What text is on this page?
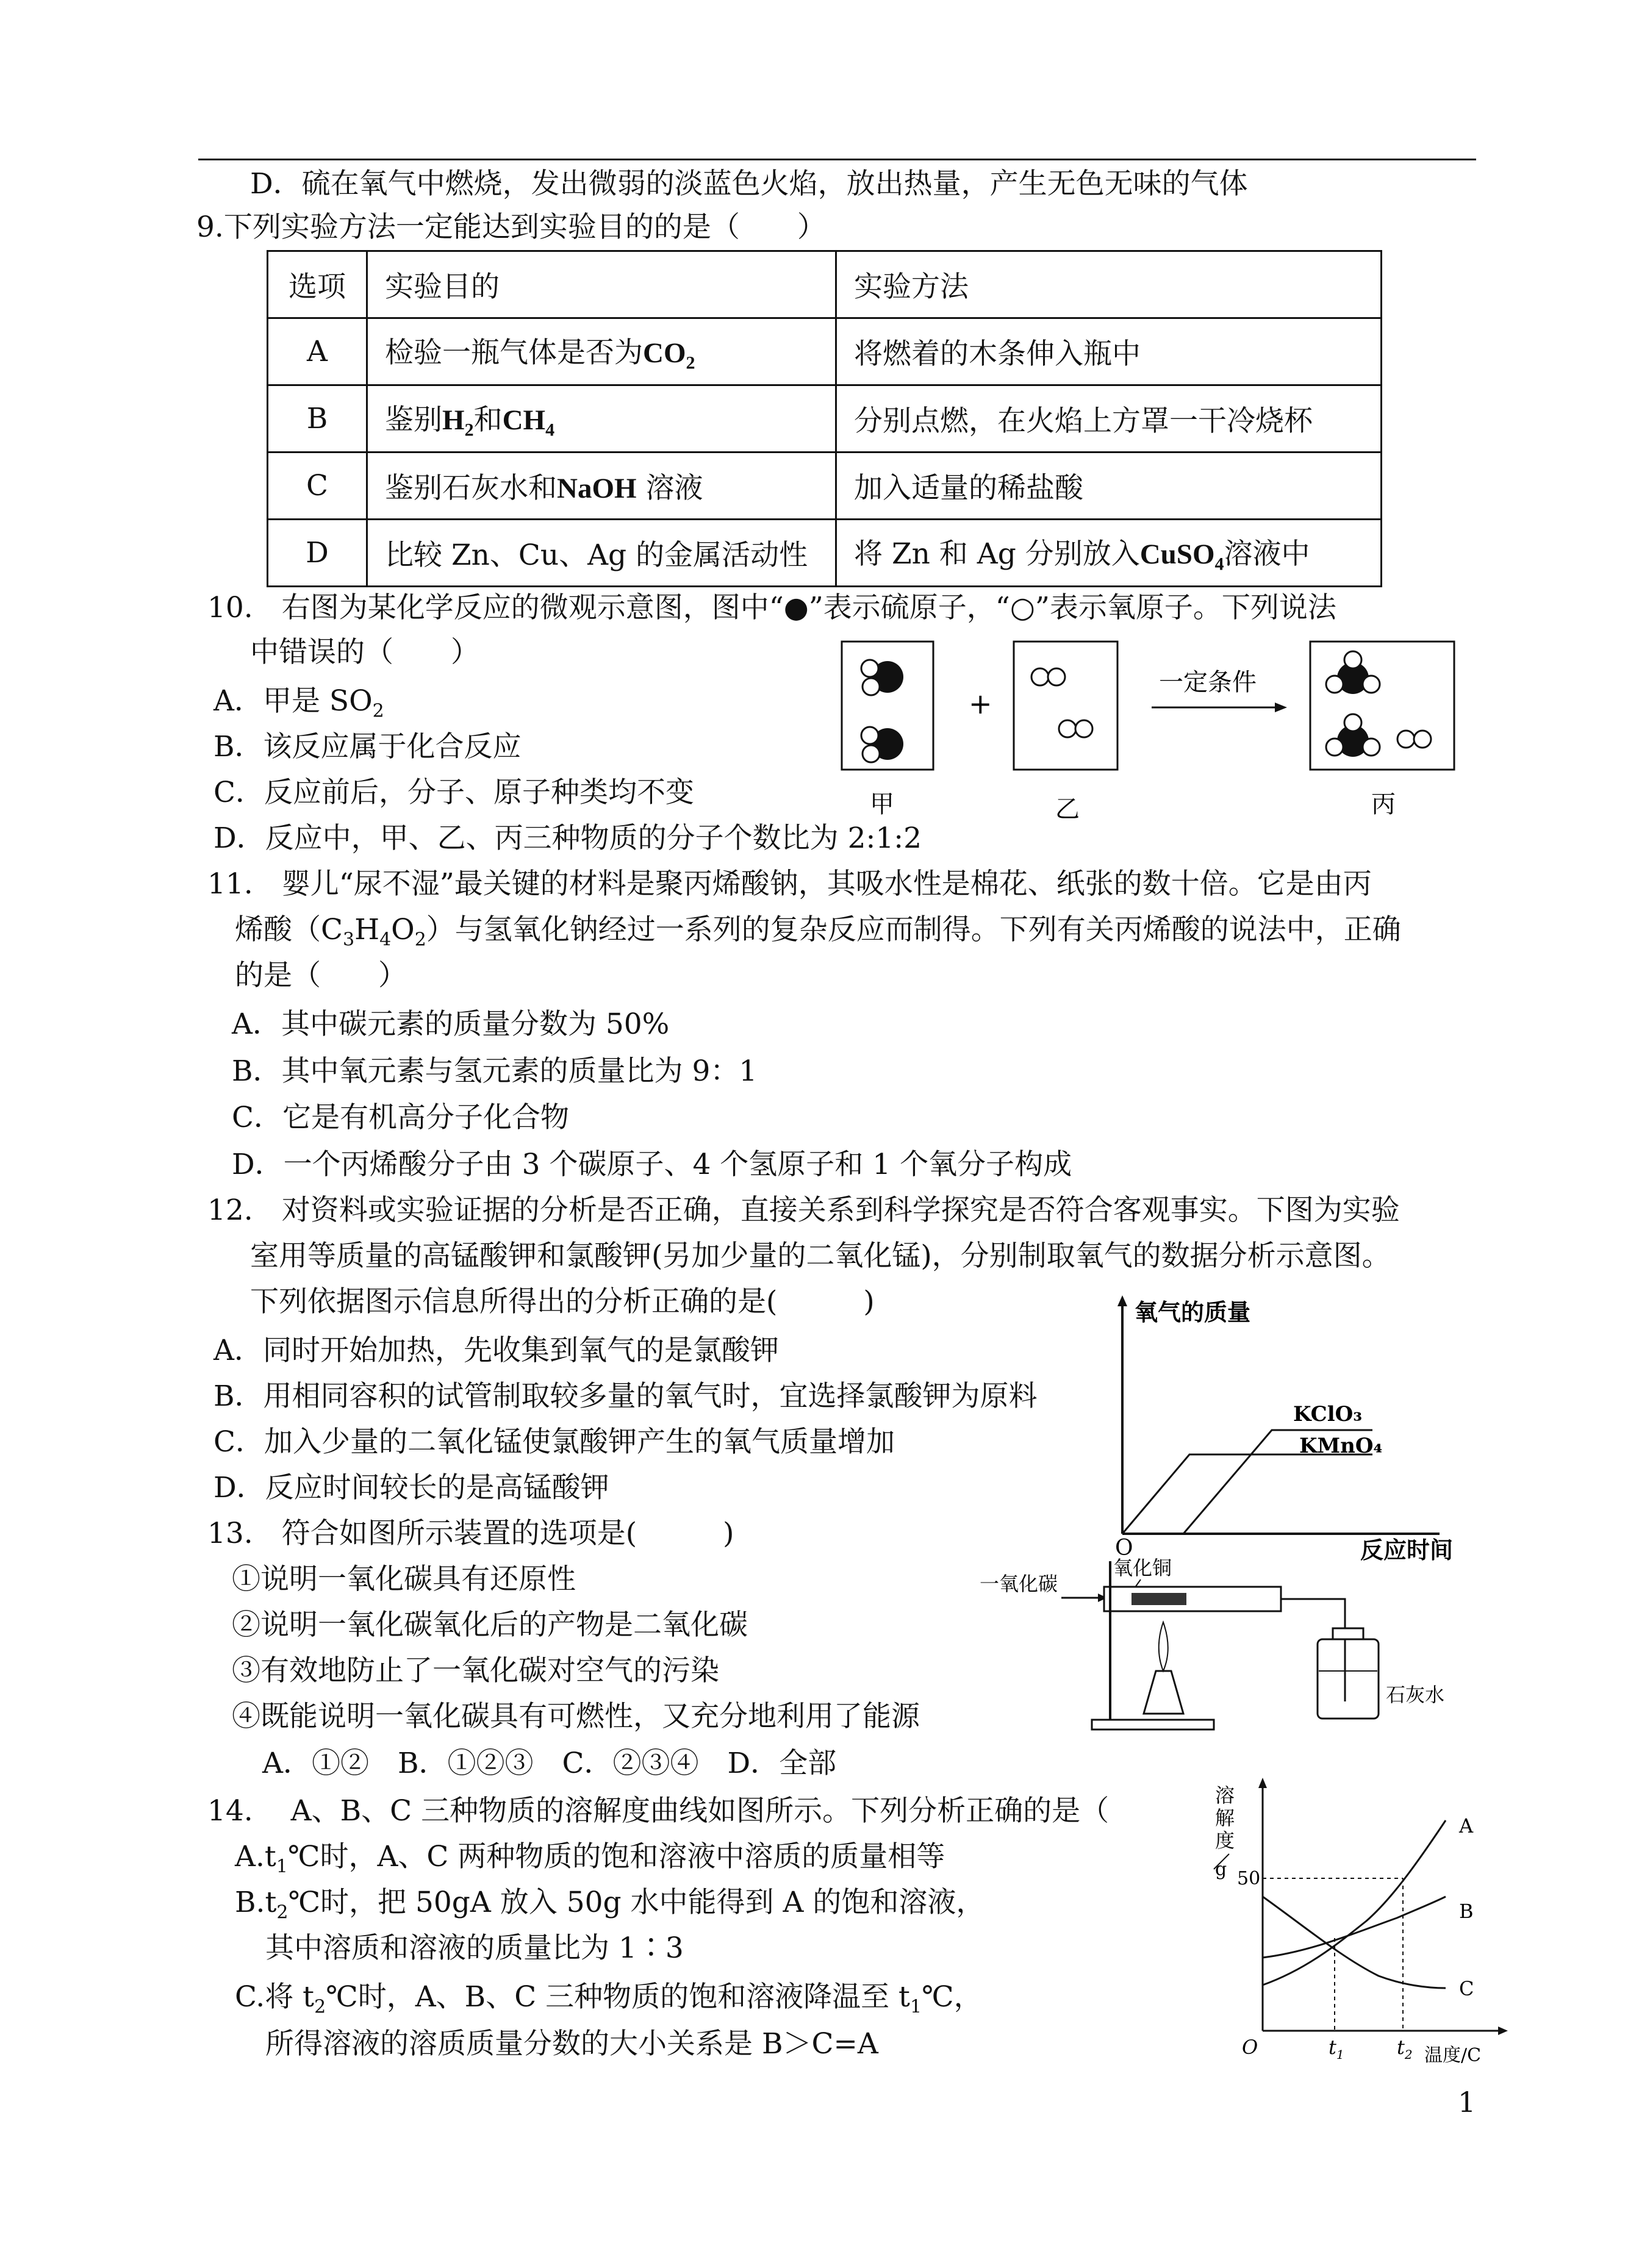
D．硫在氧气中燃烧，发出微弱的淡蓝色火焰，放出热量，产生无色无味的气体
9.下列实验方法一定能达到实验目的的是（　　）
选项	实验目的	实验方法
A	检验一瓶气体是否为$CO_2$	将燃着的木条伸入瓶中
B	鉴别$H_2$和$CH_4$	分别点燃，在火焰上方罩一干冷烧杯
C	鉴别石灰水和NaOH 溶液	加入适量的稀盐酸
D	比较 Zn、Cu、Ag 的金属活动性	将 Zn 和 Ag 分别放入CuSO$_4$溶液中
10.　右图为某化学反应的微观示意图，图中“●”表示硫原子，“○”表示氧原子。下列说法
中错误的（　　）
A．甲是 $SO_2$
B．该反应属于化合反应
C．反应前后，分子、原子种类均不变
D．反应中，甲、乙、丙三种物质的分子个数比为 2:1:2
+
一定条件
甲	乙	丙
11.　婴儿“尿不湿”最关键的材料是聚丙烯酸钠，其吸水性是棉花、纸张的数十倍。它是由丙
烯酸$(C_3H_4O_2)$与氢氧化钠经过一系列的复杂反应而制得。下列有关丙烯酸的说法中，正确
的是（　　）
A．其中碳元素的质量分数为 50%
B．其中氧元素与氢元素的质量比为 9：1
C．它是有机高分子化合物
D．一个丙烯酸分子由 3 个碳原子、4 个氢原子和 1 个氧分子构成
12.　对资料或实验证据的分析是否正确，直接关系到科学探究是否符合客观事实。下图为实验
室用等质量的高锰酸钾和氯酸钾(另加少量的二氧化锰)，分别制取氧气的数据分析示意图。
下列依据图示信息所得出的分析正确的是(　　　)
A．同时开始加热，先收集到氧气的是氯酸钾
B．用相同容积的试管制取较多量的氧气时，宜选择氯酸钾为原料
C．加入少量的二氧化锰使氯酸钾产生的氧气质量增加
D．反应时间较长的是高锰酸钾
氧气的质量
反应时间
O
KClO₃
KMnO₄
13.　符合如图所示装置的选项是(　　　)
①说明一氧化碳具有还原性
②说明一氧化碳氧化后的产物是二氧化碳
③有效地防止了一氧化碳对空气的污染
④既能说明一氧化碳具有可燃性，又充分地利用了能源
A．①②　B．①②③　C．②③④　D．全部
一氧化碳
氧化铜
石灰水
14.　 A、B、C 三种物质的溶解度曲线如图所示。下列分析正确的是（
$A.t_1℃$时，A、C 两种物质的饱和溶液中溶质的质量相等
$B.t_2℃$时，把 50gA 放入 50g 水中能得到 A 的饱和溶液，
其中溶质和溶液的质量比为 1∶3
C.将 $t_2℃$时，A、B、C 三种物质的饱和溶液降温至 $t_1℃$，
所得溶液的溶质质量分数的大小关系是 B＞C=A
溶
解
度
g 50
A
B
C
O	$t_1$	$t_2$ 温度/C
1
